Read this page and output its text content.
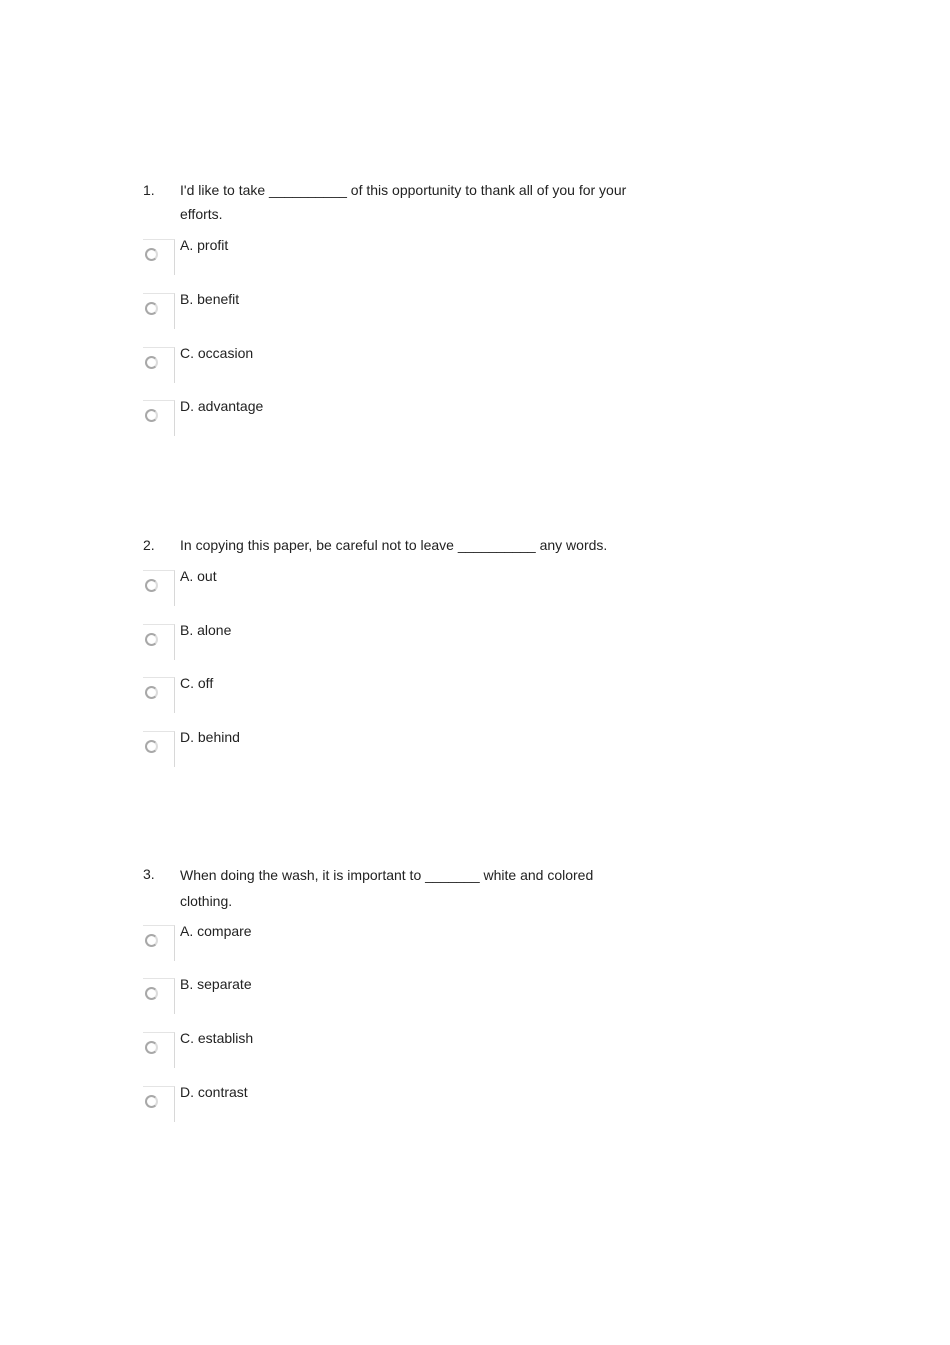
1. I'd like to take __________ of this opportunity to thank all of you for your efforts.
A. profit
B. benefit
C. occasion
D. advantage
2. In copying this paper, be careful not to leave __________ any words.
A. out
B. alone
C. off
D. behind
3. When doing the wash, it is important to _______ white and colored clothing.
A. compare
B. separate
C. establish
D. contrast
